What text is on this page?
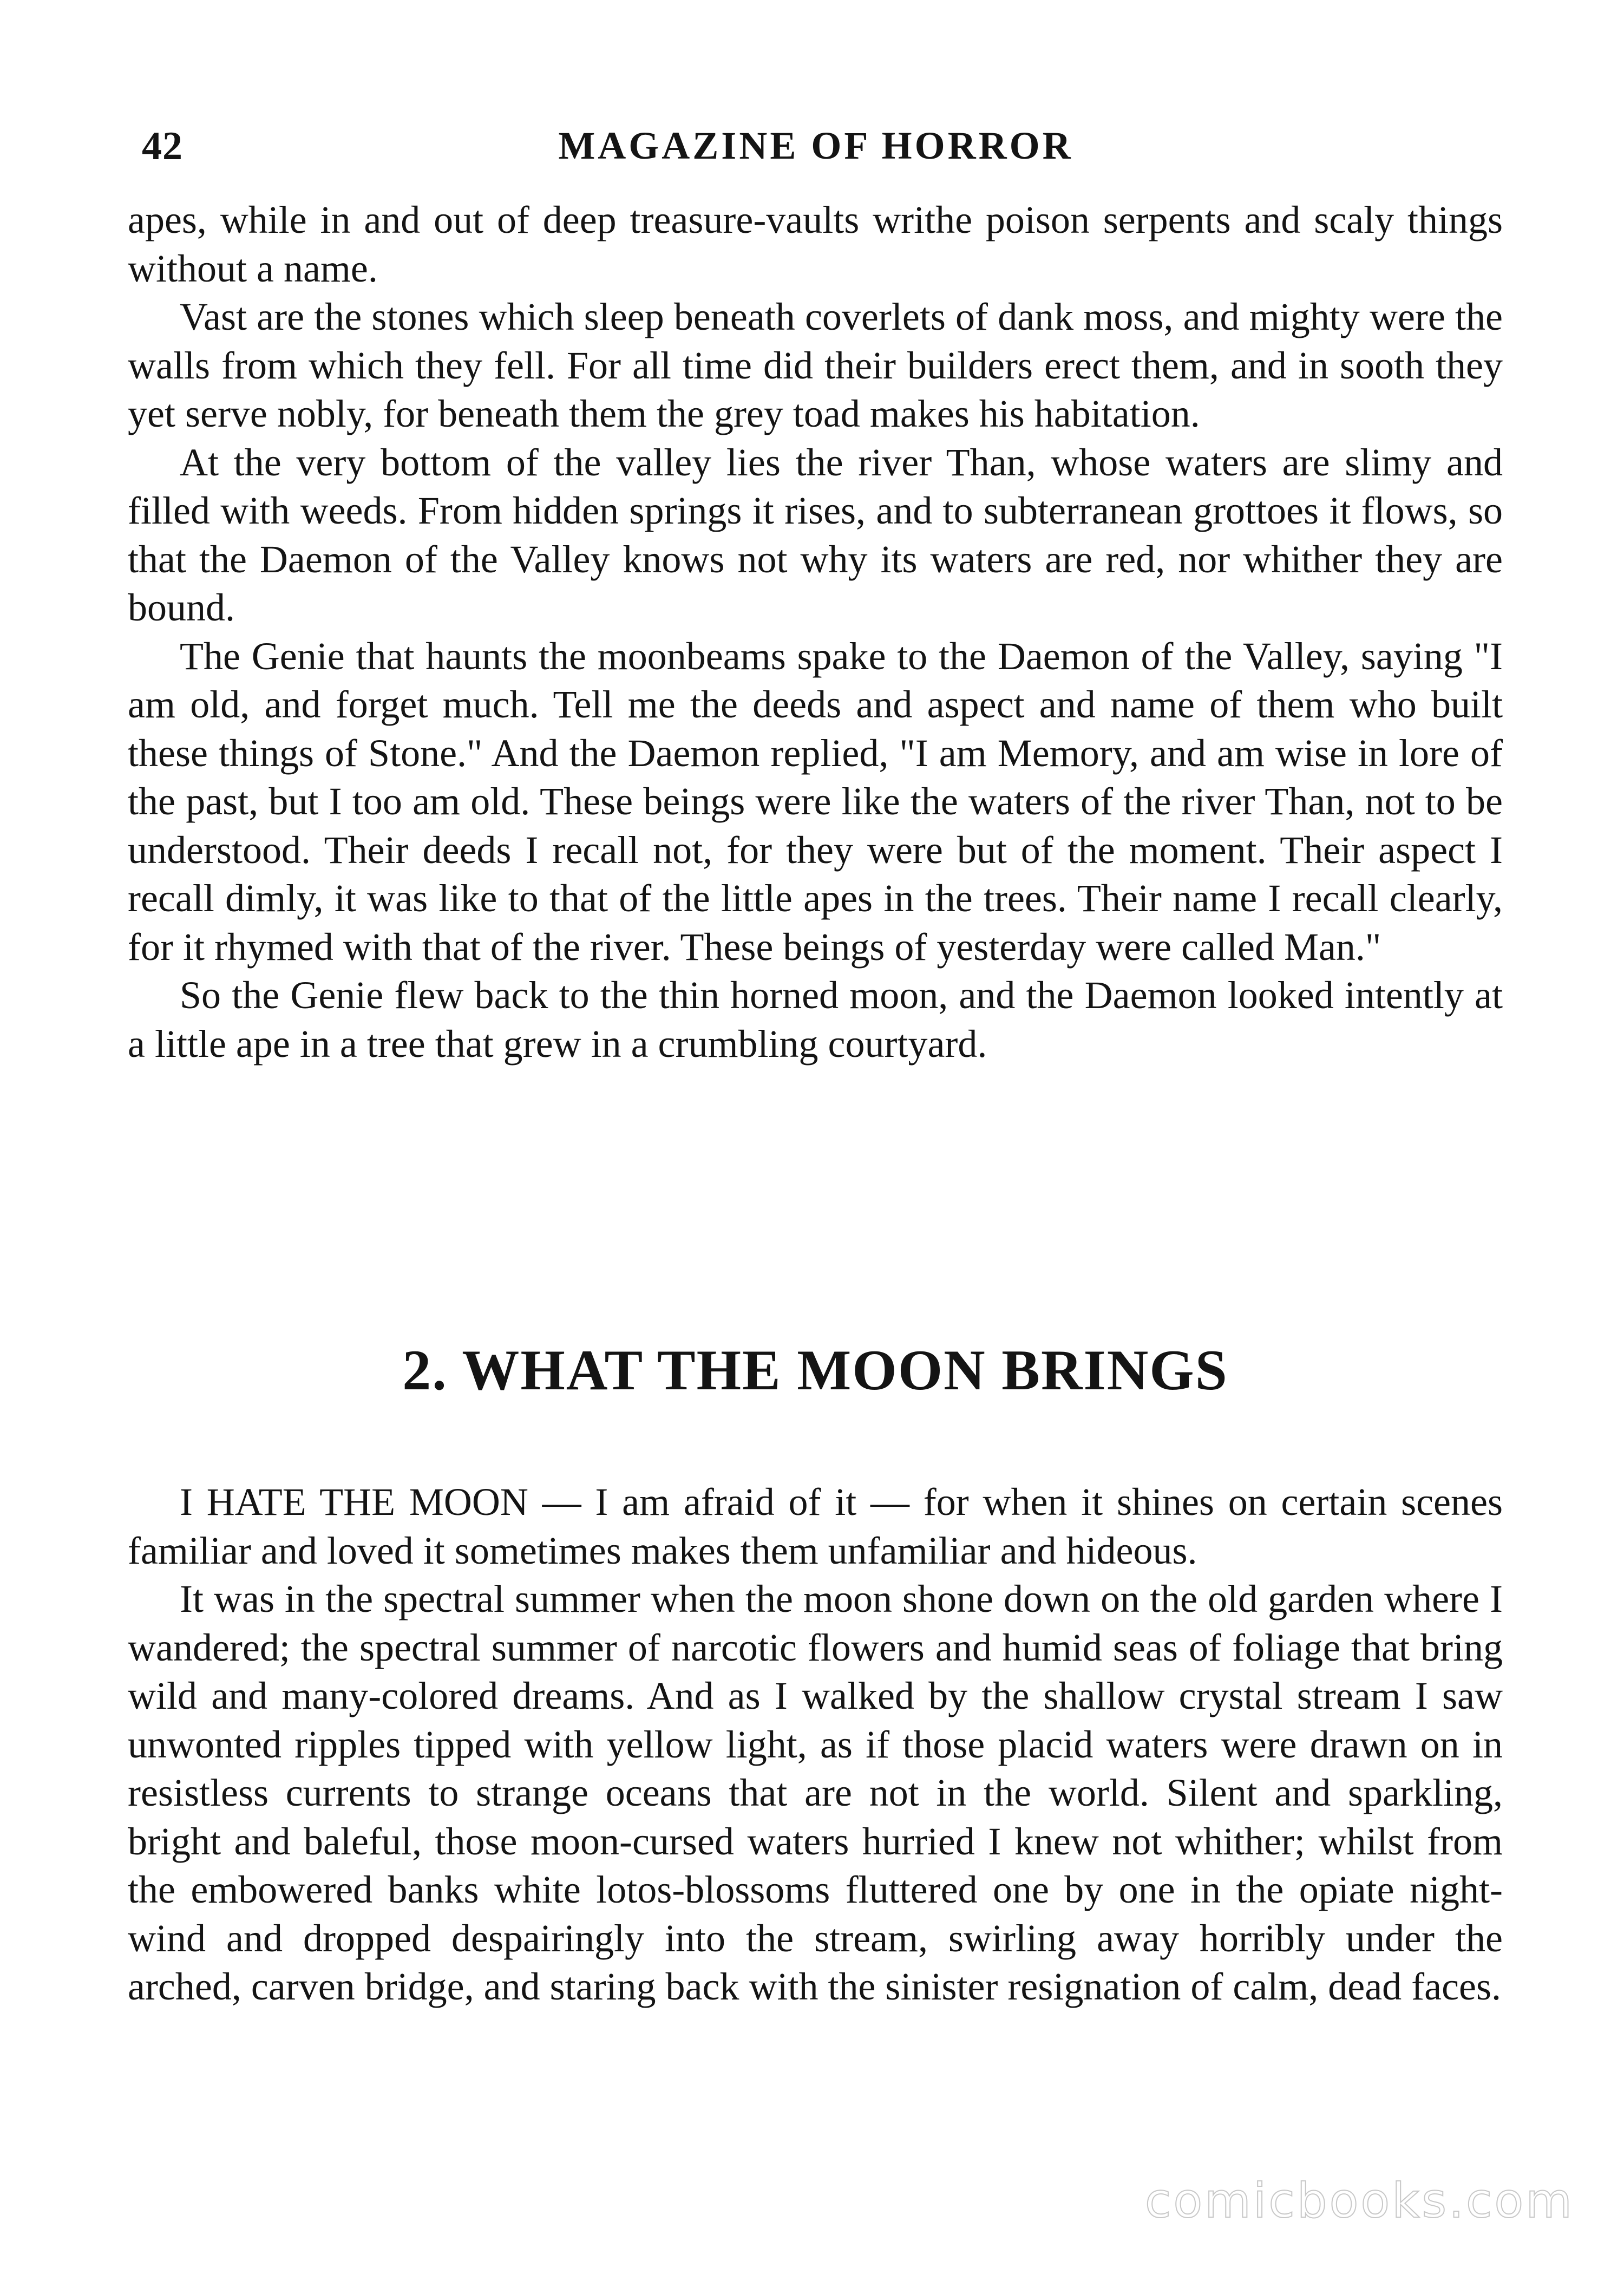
42	MAGAZINE OF HORROR

apes, while in and out of deep treasure-vaults writhe poison serpents and scaly things without a name.

Vast are the stones which sleep beneath coverlets of dank moss, and mighty were the walls from which they fell. For all time did their builders erect them, and in sooth they yet serve nobly, for beneath them the grey toad makes his habitation.

At the very bottom of the valley lies the river Than, whose waters are slimy and filled with weeds. From hidden springs it rises, and to subterranean grottoes it flows, so that the Daemon of the Valley knows not why its waters are red, nor whither they are bound.

The Genie that haunts the moonbeams spake to the Daemon of the Valley, saying "I am old, and forget much. Tell me the deeds and aspect and name of them who built these things of Stone." And the Daemon replied, "I am Memory, and am wise in lore of the past, but I too am old. These beings were like the waters of the river Than, not to be understood. Their deeds I recall not, for they were but of the moment. Their aspect I recall dimly, it was like to that of the little apes in the trees. Their name I recall clearly, for it rhymed with that of the river. These beings of yesterday were called Man."

So the Genie flew back to the thin horned moon, and the Daemon looked intently at a little ape in a tree that grew in a crumbling courtyard.

2. WHAT THE MOON BRINGS

I HATE THE MOON — I am afraid of it — for when it shines on certain scenes familiar and loved it sometimes makes them unfamiliar and hideous.

It was in the spectral summer when the moon shone down on the old garden where I wandered; the spectral summer of narcotic flowers and humid seas of foliage that bring wild and many-colored dreams. And as I walked by the shallow crystal stream I saw unwonted ripples tipped with yellow light, as if those placid waters were drawn on in resistless currents to strange oceans that are not in the world. Silent and sparkling, bright and baleful, those moon-cursed waters hurried I knew not whither; whilst from the embowered banks white lotos-blossoms fluttered one by one in the opiate night-wind and dropped despairingly into the stream, swirling away horribly under the arched, carven bridge, and staring back with the sinister resignation of calm, dead faces.

comicbooks.com
